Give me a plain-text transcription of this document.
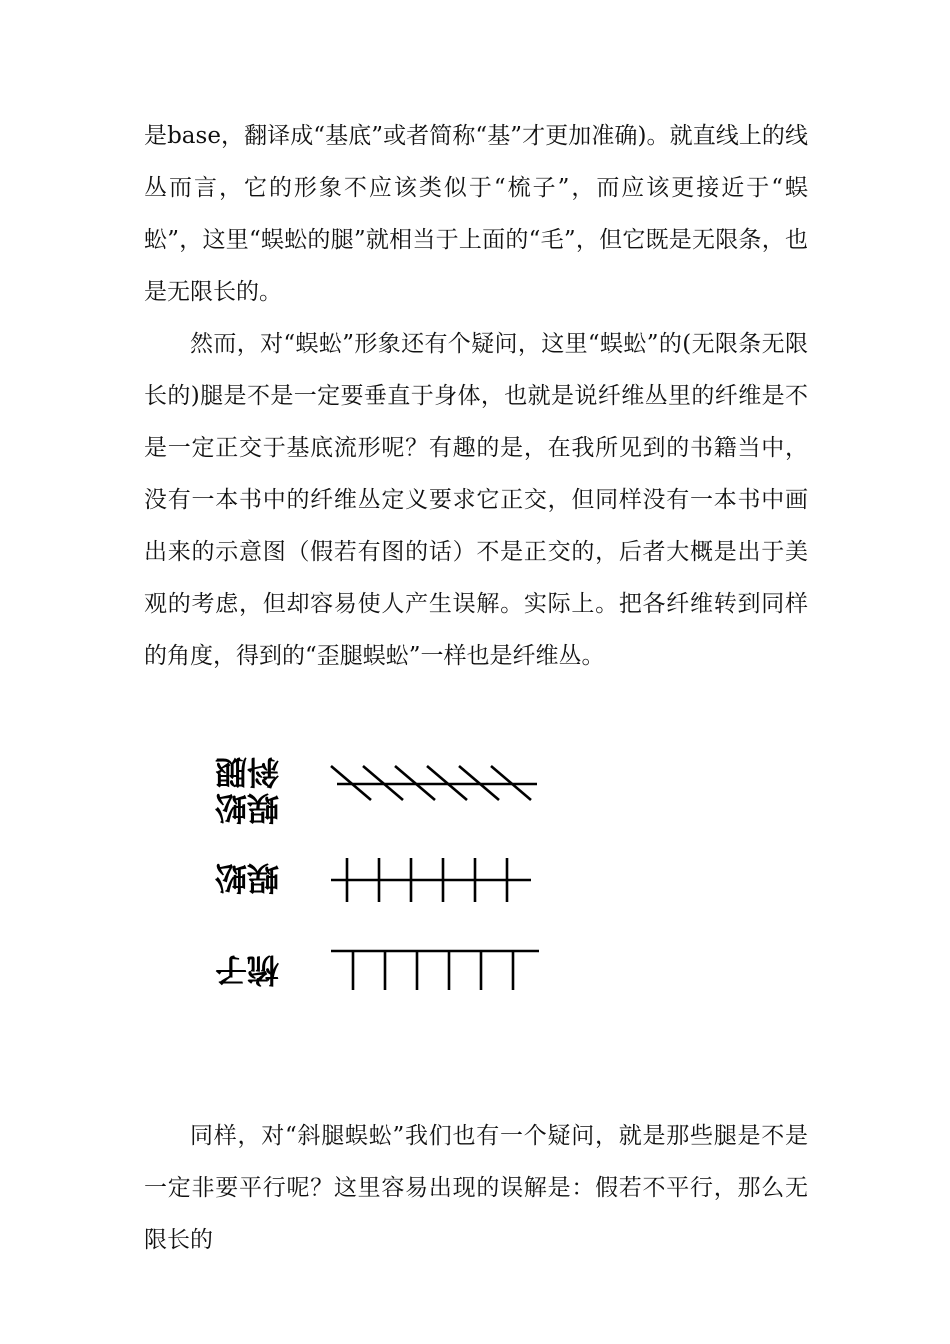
是base，翻译成“基底”或者简称“基”才更加准确)。就直线上的线丛而言，它的形象不应该类似于“梳子”，而应该更接近于“蜈蚣”，这里“蜈蚣的腿”就相当于上面的“毛”，但它既是无限条，也是无限长的。

然而，对“蜈蚣”形象还有个疑问，这里“蜈蚣”的(无限条无限长的)腿是不是一定要垂直于身体，也就是说纤维丛里的纤维是不是一定正交于基底流形呢？有趣的是，在我所见到的书籍当中，没有一本书中的纤维丛定义要求它正交，但同样没有一本书中画出来的示意图（假若有图的话）不是正交的，后者大概是出于美观的考虑，但却容易使人产生误解。实际上。把各纤维转到同样的角度，得到的“歪腿蜈蚣”一样也是纤维丛。

蜈蚣
斜腿
蜈蚣
梳子

同样，对“斜腿蜈蚣”我们也有一个疑问，就是那些腿是不是一定非要平行呢？这里容易出现的误解是：假若不平行，那么无限长的
